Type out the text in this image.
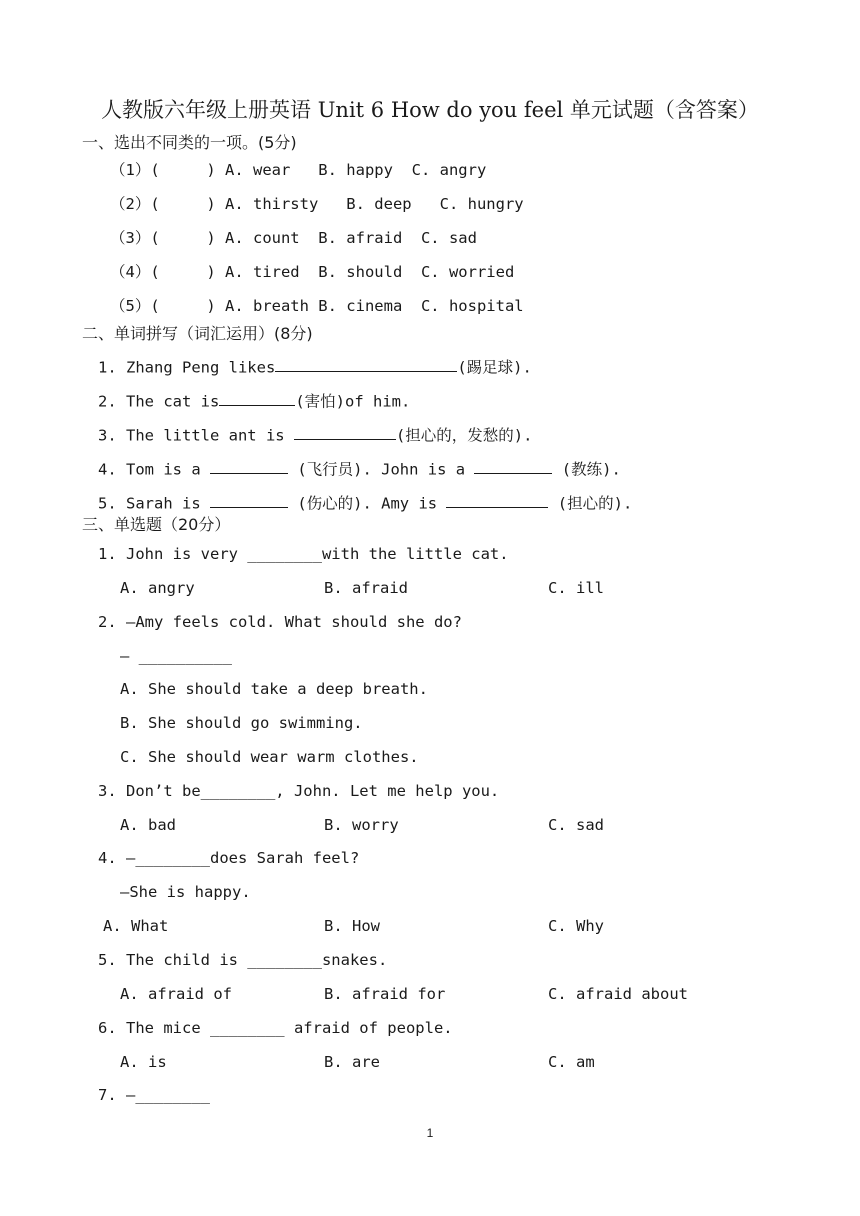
人教版六年级上册英语 Unit 6 How do you feel 单元试题（含答案）
一、选出不同类的一项。(5分)
（1）(     ) A. wear   B. happy  C. angry
（2）(     ) A. thirsty   B. deep   C. hungry
（3）(     ) A. count  B. afraid  C. sad
（4）(     ) A. tired  B. should  C. worried
（5）(     ) A. breath B. cinema  C. hospital
二、单词拼写（词汇运用）(8分)
1. Zhang Peng likes	(踢足球).
2. The cat is	(害怕)of him.
3. The little ant is	(担心的，发愁的).
4. Tom is a	(飞行员). John is a	(教练).
5. Sarah is	(伤心的). Amy is	(担心的).
三、单选题（20分）
1. John is very ________with the little cat.
A. angry	B. afraid	C. ill
2. —Amy feels cold. What should she do?
— __________
A. She should take a deep breath.
B. She should go swimming.
C. She should wear warm clothes.
3. Don’t be________, John. Let me help you.
A. bad	B. worry	C. sad
4. —________does Sarah feel?
—She is happy.
A. What	B. How	C. Why
5. The child is ________snakes.
A. afraid of	B. afraid for	C. afraid about
6. The mice ________ afraid of people.
A. is	B. are	C. am
7. —________
1
